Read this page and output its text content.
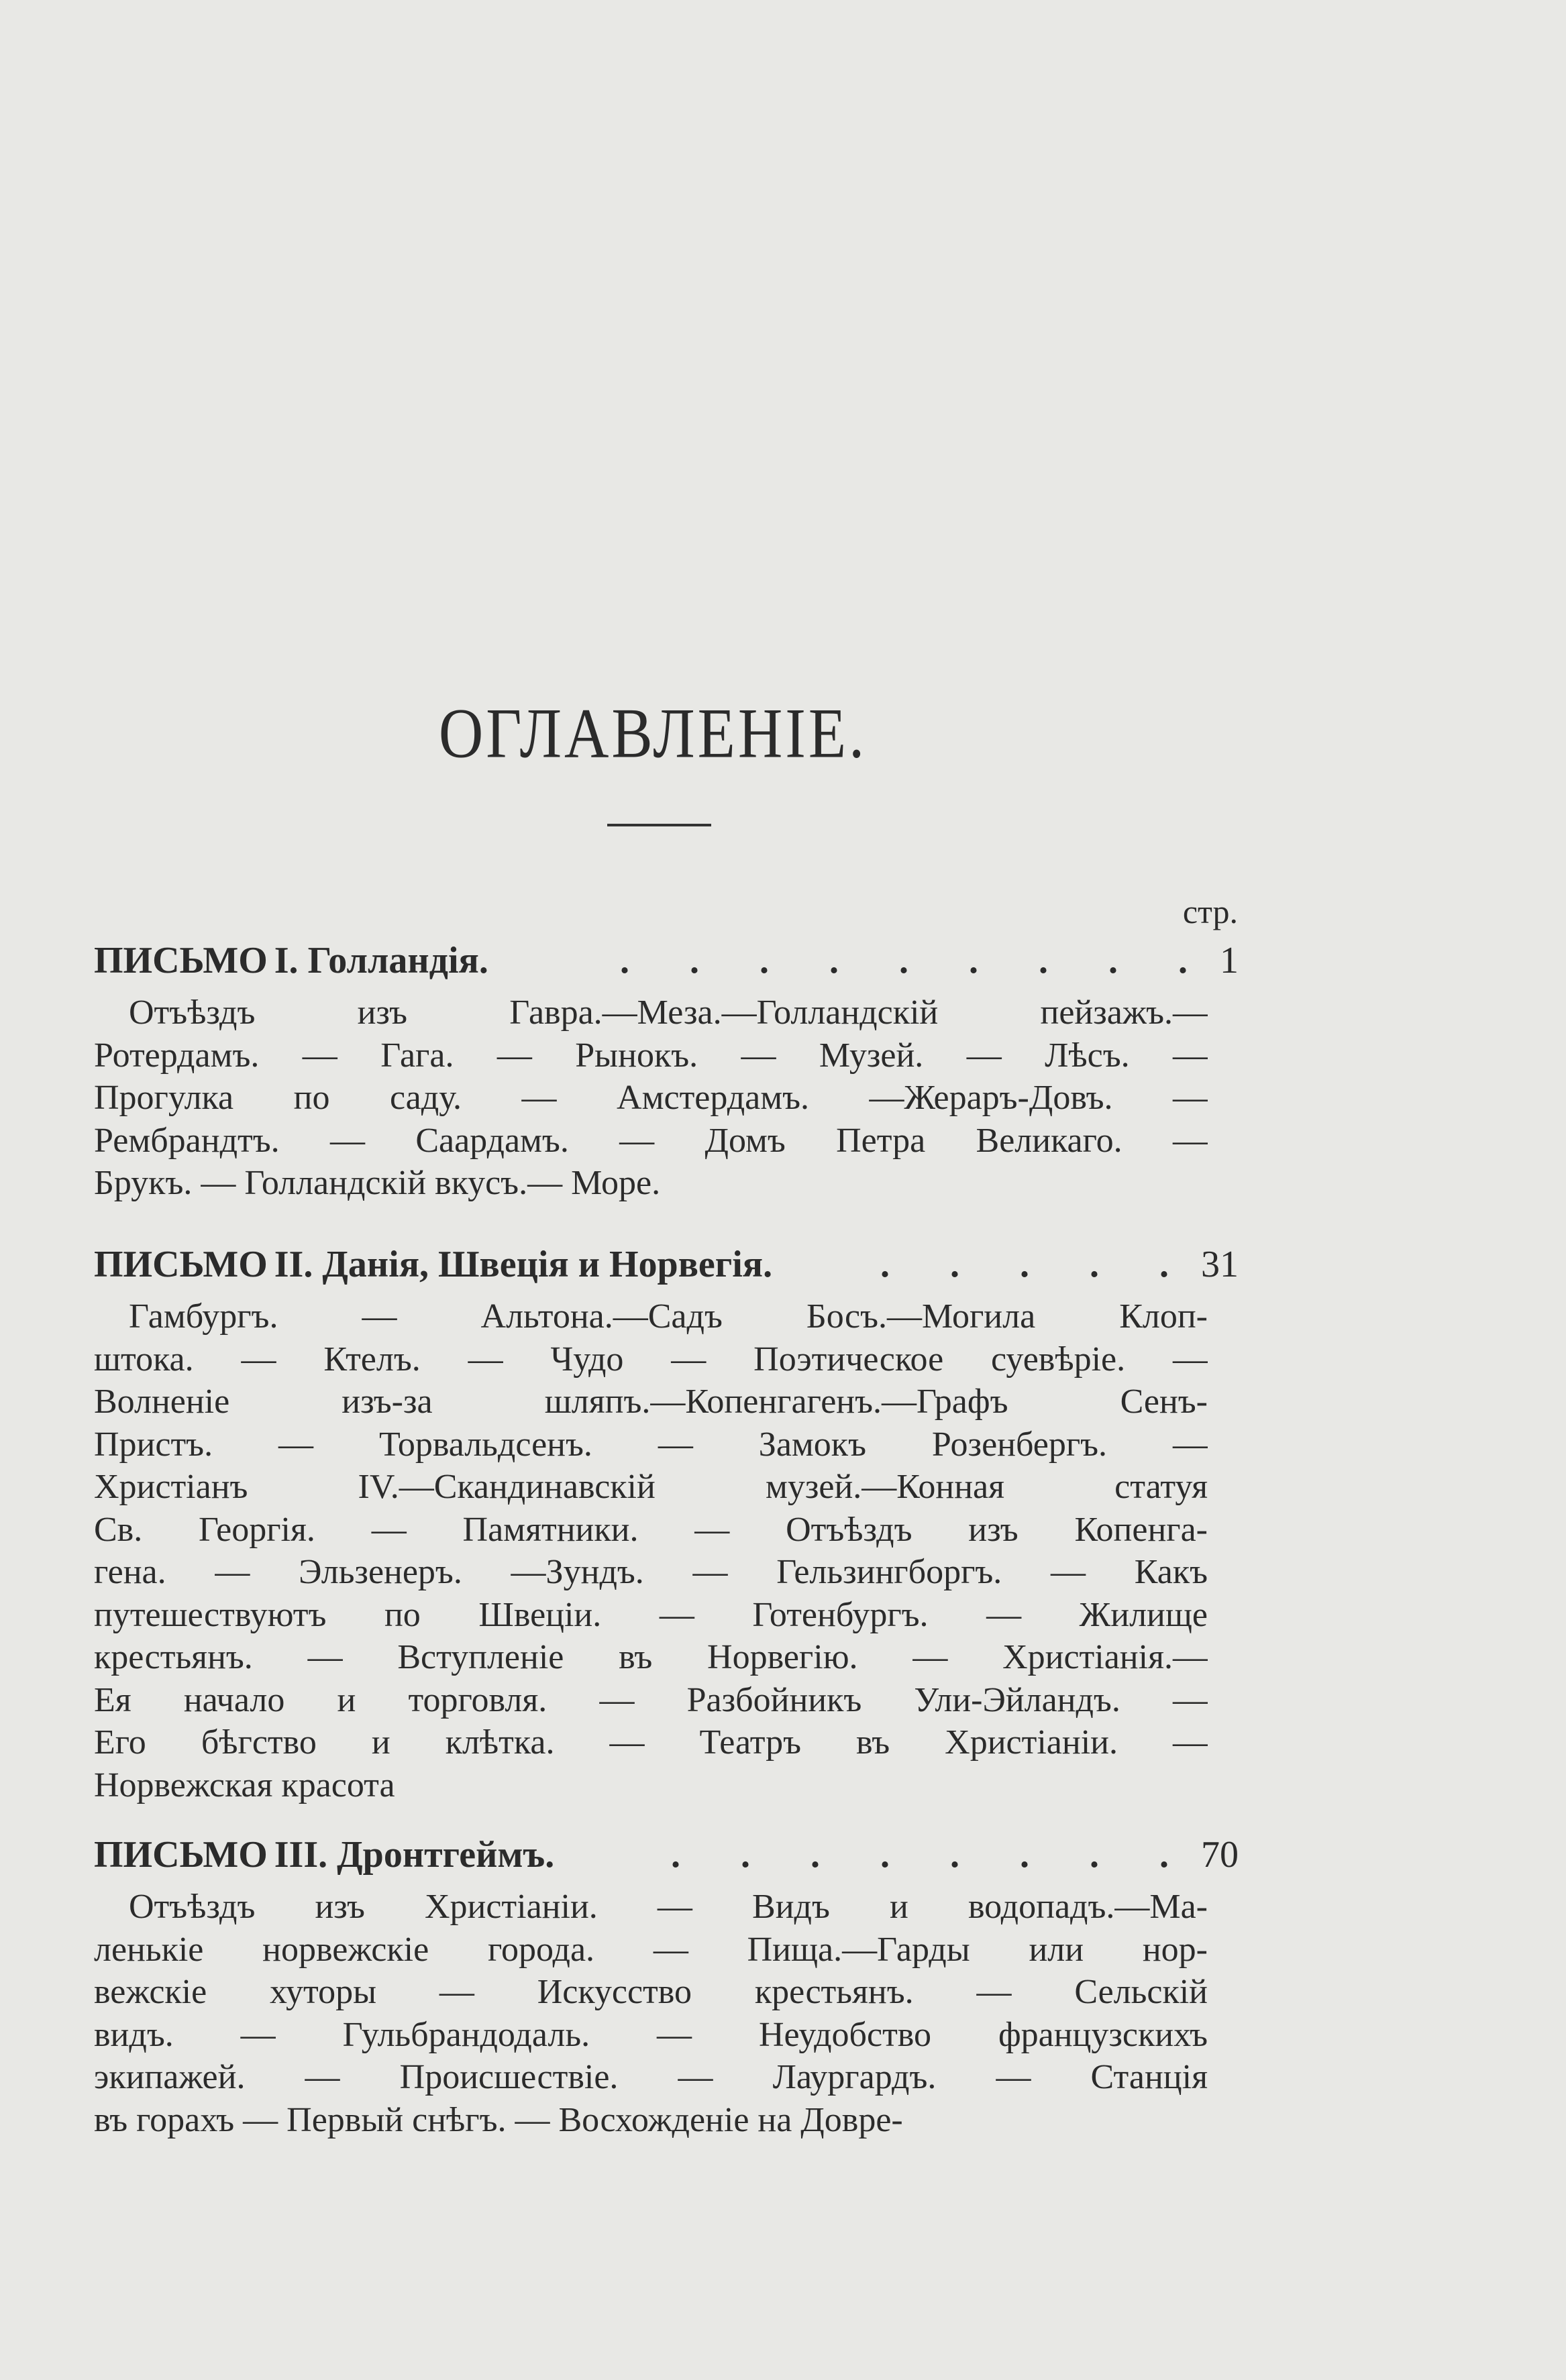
ОГЛАВЛЕНІЕ.
стр.
ПИСЬМО I. Голландія.	. . . . . . . . . 1
Отъѣздъ изъ Гавра.—Меза.—Голландскій пейзажъ.—
Ротердамъ. — Гага. — Рынокъ. — Музей. — Лѣсъ. —
Прогулка по саду. — Амстердамъ. —Жераръ-Довъ. —
Рембрандтъ. — Саардамъ. — Домъ Петра Великаго. —
Брукъ. — Голландскій вкусъ.— Море.
ПИСЬМО II. Данія, Швеція и Норвегія.	. . . . . 31
Гамбургъ. — Альтона.—Садъ Босъ.—Могила Клоп-
штока. — Ктелъ. — Чудо — Поэтическое суевѣріе. —
Волненіе изъ-за шляпъ.—Копенгагенъ.—Графъ Сенъ-
Пристъ. — Торвальдсенъ. — Замокъ Розенбергъ. —
Христіанъ IV.—Скандинавскій музей.—Конная статуя
Св. Георгія. — Памятники. — Отъѣздъ изъ Копенга-
гена. — Эльзенеръ. —Зундъ. — Гельзингборгъ. — Какъ
путешествуютъ по Швеціи. — Готенбургъ. — Жилище
крестьянъ. — Вступленіе въ Норвегію. — Христіанія.—
Ея начало и торговля. — Разбойникъ Ули-Эйландъ. —
Его бѣгство и клѣтка. — Театръ въ Христіаніи. —
Норвежская красота
ПИСЬМО III. Дронтгеймъ.	. . . . . . . . 70
Отъѣздъ изъ Христіаніи. — Видъ и водопадъ.—Ма-
ленькіе норвежскіе города. — Пища.—Гарды или нор-
вежскіе хуторы — Искусство крестьянъ. — Сельскій
видъ. — Гульбрандодаль. — Неудобство французскихъ
экипажей. — Происшествіе. — Лаургардъ. — Станція
въ горахъ — Первый снѣгъ. — Восхожденіе на Довре-
